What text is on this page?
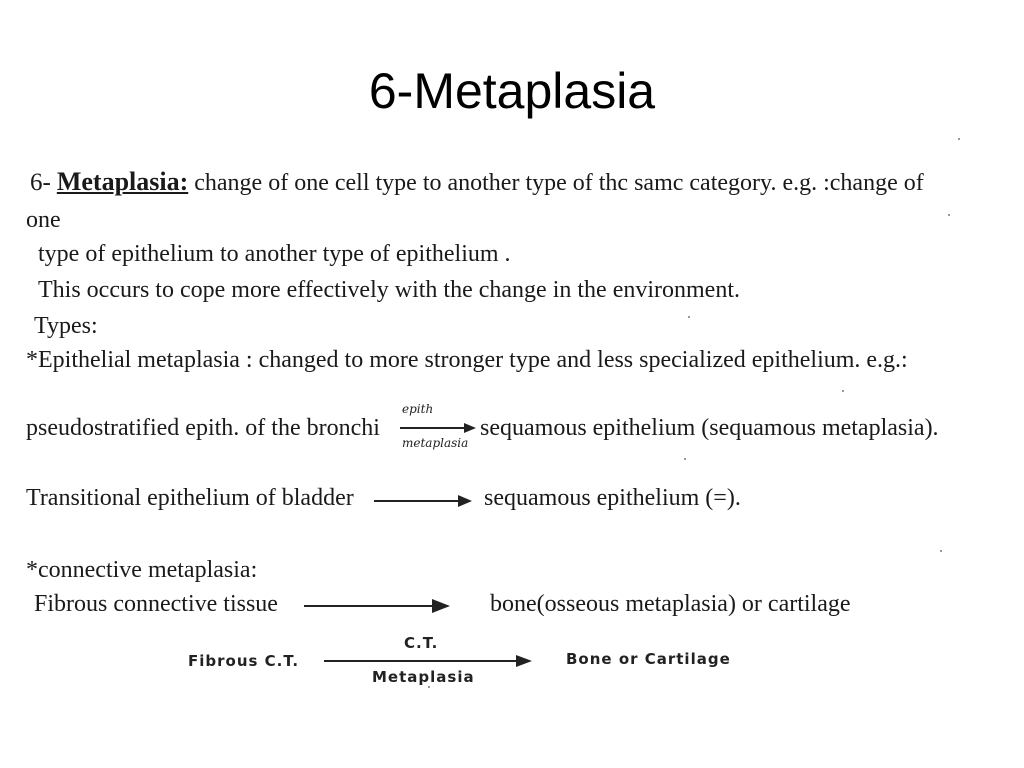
6-Metaplasia
6- Metaplasia: change of one cell type to another type of thc samc category. e.g. :change of
one
type of epithelium to another type of epithelium .
This occurs to cope more effectively with the change in the environment.
Types:
*Epithelial metaplasia : changed to more stronger type and less specialized epithelium. e.g.:
pseudostratified epith. of the bronchi
epith
metaplasia
sequamous epithelium (sequamous metaplasia).
Transitional epithelium of bladder	sequamous epithelium (=).
*connective metaplasia:
Fibrous connective tissue	bone(osseous metaplasia) or cartilage
C.T.
Fibrous C.T.	Bone or Cartilage
Metaplasia
